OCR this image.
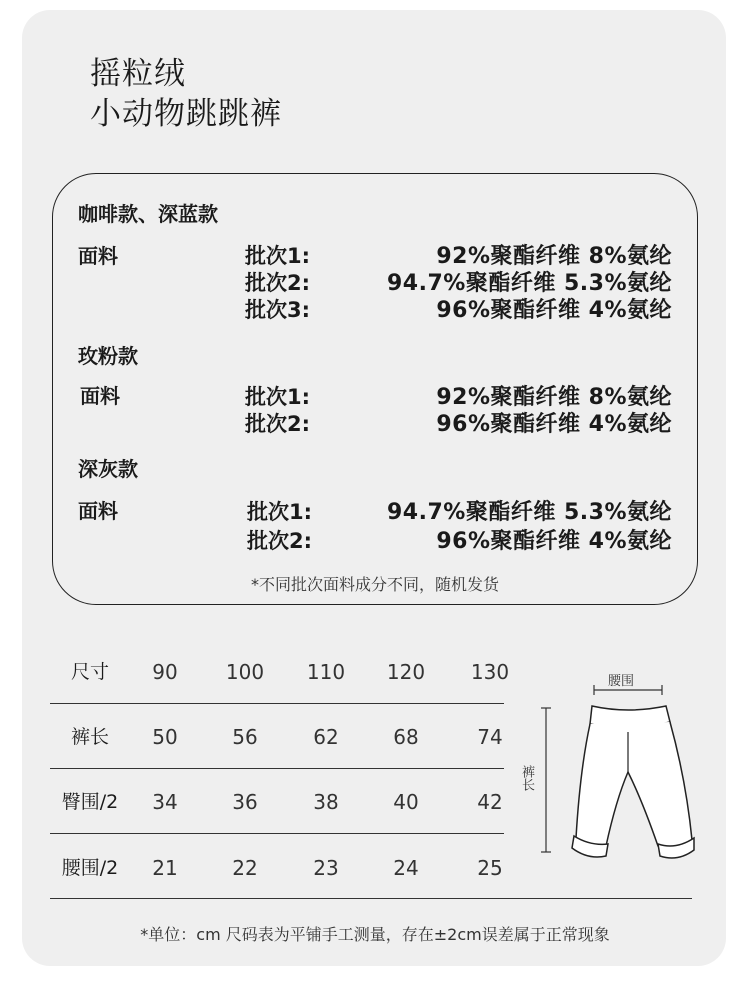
摇粒绒
小动物跳跳裤
咖啡款、深蓝款
面料	批次1:	92%聚酯纤维 8%氨纶
批次2:	94.7%聚酯纤维 5.3%氨纶
批次3:	96%聚酯纤维 4%氨纶
玫粉款
面料	批次1:	92%聚酯纤维 8%氨纶
批次2:	96%聚酯纤维 4%氨纶
深灰款
面料	批次1:	94.7%聚酯纤维 5.3%氨纶
批次2:	96%聚酯纤维 4%氨纶
*不同批次面料成分不同，随机发货
尺寸	90	100	110	120	130
裤长	50	56	62	68	74
臀围/2	34	36	38	40	42
腰围/2	21	22	23	24	25
腰围
裤长
*单位：cm 尺码表为平铺手工测量，存在±2cm误差属于正常现象
